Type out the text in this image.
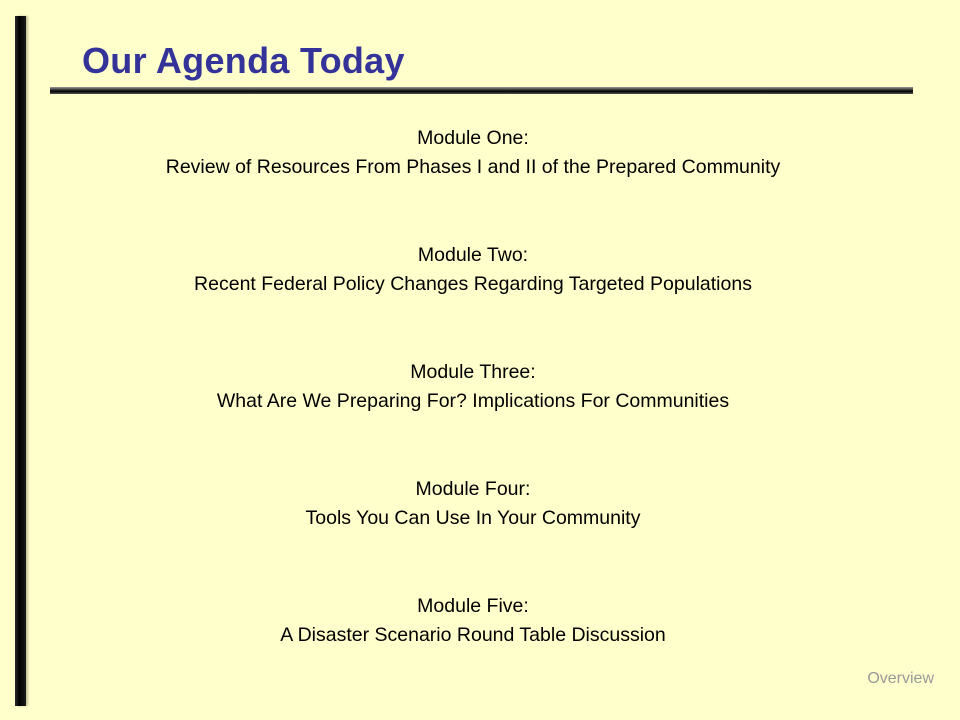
Our Agenda Today
Module One:
Review of Resources From Phases I and II of the Prepared Community
Module Two:
Recent Federal Policy Changes Regarding Targeted Populations
Module Three:
What Are We Preparing For? Implications For Communities
Module Four:
Tools You Can Use In Your Community
Module Five:
A Disaster Scenario Round Table Discussion
Overview
